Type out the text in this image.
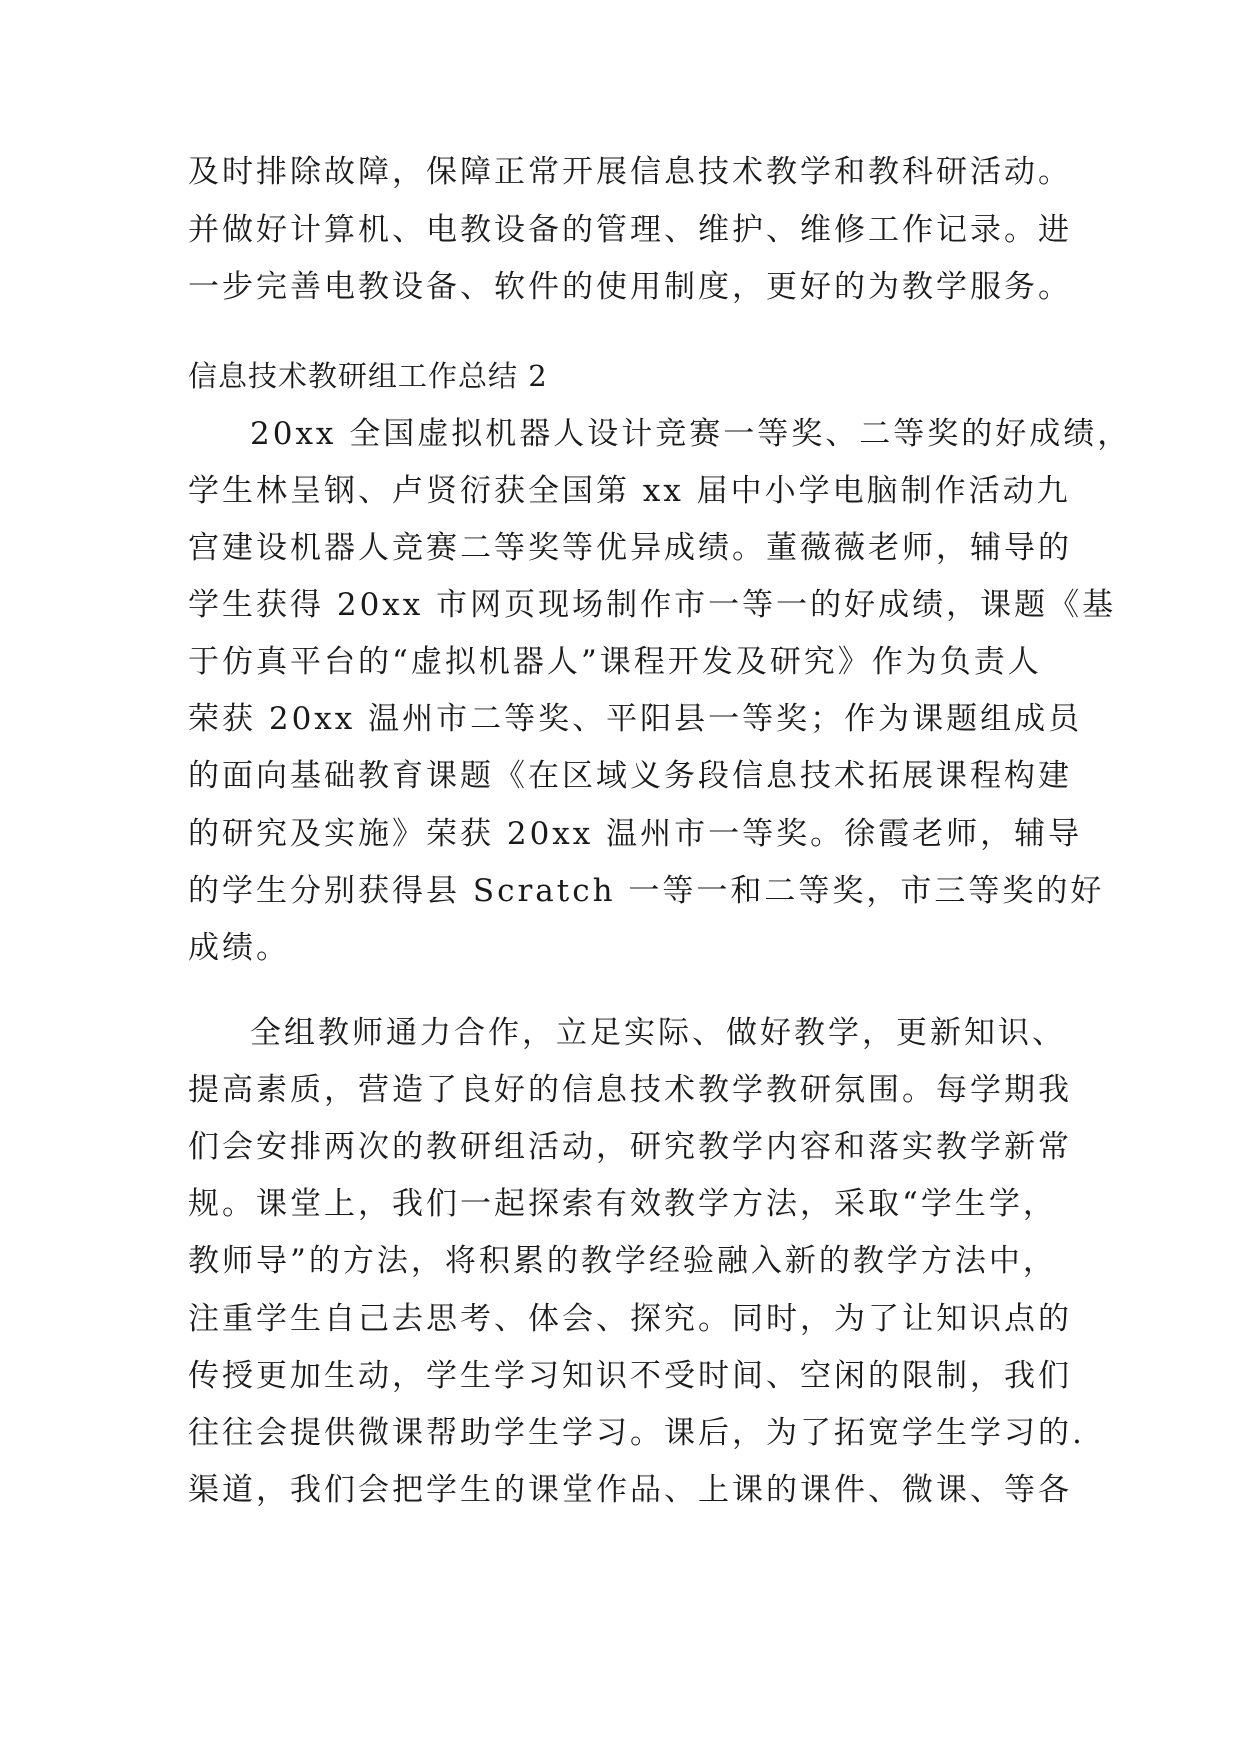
及时排除故障，保障正常开展信息技术教学和教科研活动。
并做好计算机、电教设备的管理、维护、维修工作记录。进
一步完善电教设备、软件的使用制度，更好的为教学服务。
信息技术教研组工作总结 2
20xx 全国虚拟机器人设计竞赛一等奖、二等奖的好成绩，
学生林呈钢、卢贤衍获全国第 xx 届中小学电脑制作活动九
宫建设机器人竞赛二等奖等优异成绩。董薇薇老师，辅导的
学生获得 20xx 市网页现场制作市一等一的好成绩，课题《基
于仿真平台的“虚拟机器人”课程开发及研究》作为负责人
荣获 20xx 温州市二等奖、平阳县一等奖；作为课题组成员
的面向基础教育课题《在区域义务段信息技术拓展课程构建
的研究及实施》荣获 20xx 温州市一等奖。徐霞老师，辅导
的学生分别获得县 Scratch 一等一和二等奖，市三等奖的好
成绩。
全组教师通力合作，立足实际、做好教学，更新知识、
提高素质，营造了良好的信息技术教学教研氛围。每学期我
们会安排两次的教研组活动，研究教学内容和落实教学新常
规。课堂上，我们一起探索有效教学方法，采取“学生学，
教师导”的方法，将积累的教学经验融入新的教学方法中，
注重学生自己去思考、体会、探究。同时，为了让知识点的
传授更加生动，学生学习知识不受时间、空闲的限制，我们
往往会提供微课帮助学生学习。课后，为了拓宽学生学习的.
渠道，我们会把学生的课堂作品、上课的课件、微课、等各
